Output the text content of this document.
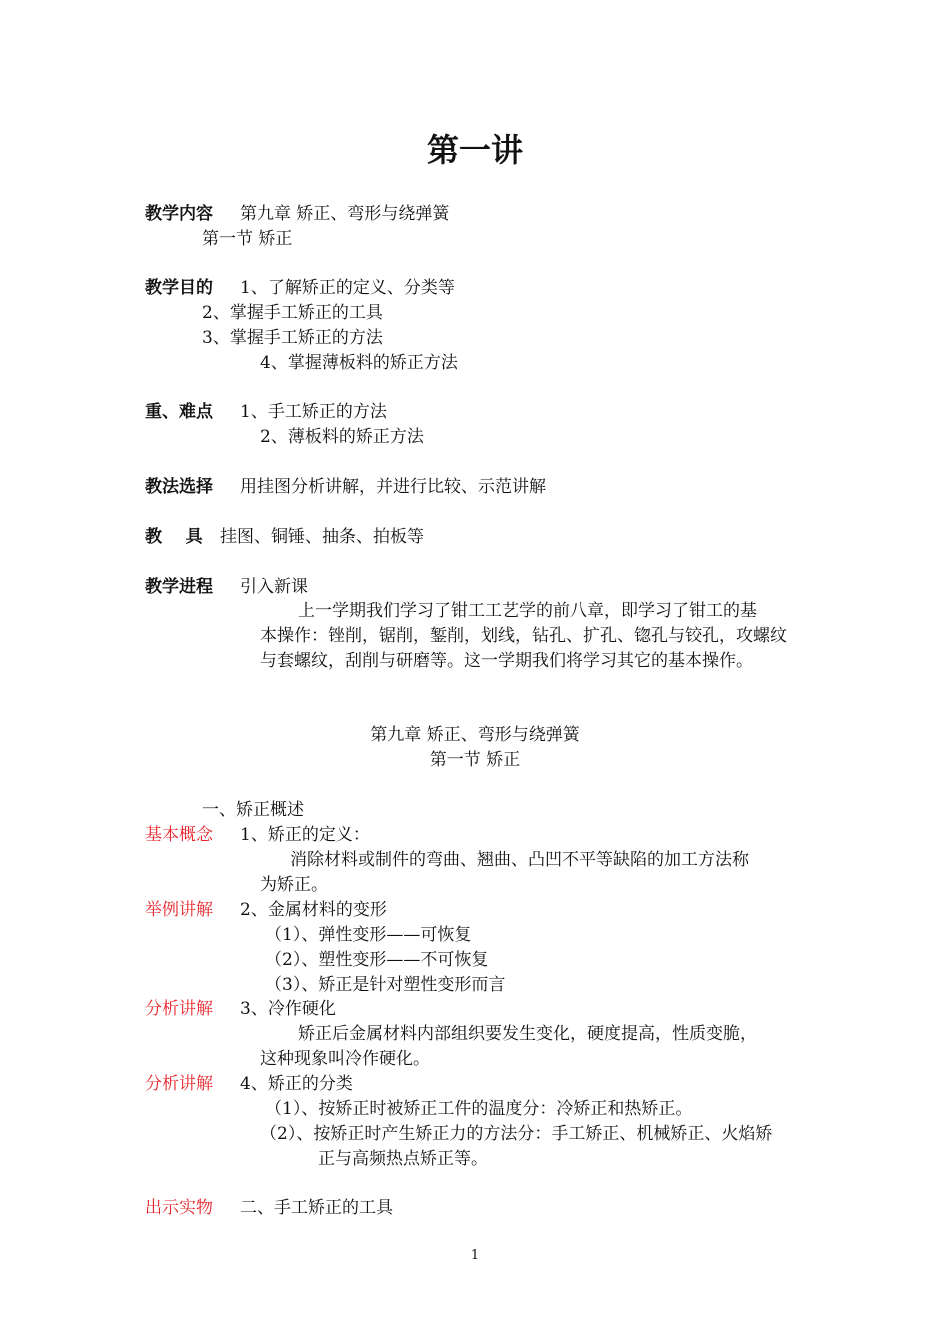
第一讲
教学内容 第九章 矫正、弯形与绕弹簧
第一节 矫正
教学目的 1、了解矫正的定义、分类等
2、掌握手工矫正的工具
3、掌握手工矫正的方法
4、掌握薄板料的矫正方法
重、难点 1、手工矫正的方法
2、薄板料的矫正方法
教法选择 用挂图分析讲解，并进行比较、示范讲解
教    具 挂图、铜锤、抽条、拍板等
教学进程 引入新课
上一学期我们学习了钳工工艺学的前八章，即学习了钳工的基
本操作：锉削，锯削，錾削，划线，钻孔、扩孔、锪孔与铰孔，攻螺纹
与套螺纹，刮削与研磨等。这一学期我们将学习其它的基本操作。
第九章 矫正、弯形与绕弹簧
第一节 矫正
一、矫正概述
基本概念 1、矫正的定义：
消除材料或制件的弯曲、翘曲、凸凹不平等缺陷的加工方法称
为矫正。
举例讲解 2、金属材料的变形
（1）、弹性变形——可恢复
（2）、塑性变形——不可恢复
（3）、矫正是针对塑性变形而言
分析讲解 3、冷作硬化
矫正后金属材料内部组织要发生变化，硬度提高，性质变脆，
这种现象叫冷作硬化。
分析讲解 4、矫正的分类
（1）、按矫正时被矫正工件的温度分：冷矫正和热矫正。
（2）、按矫正时产生矫正力的方法分：手工矫正、机械矫正、火焰矫
正与高频热点矫正等。
出示实物 二、手工矫正的工具
1
